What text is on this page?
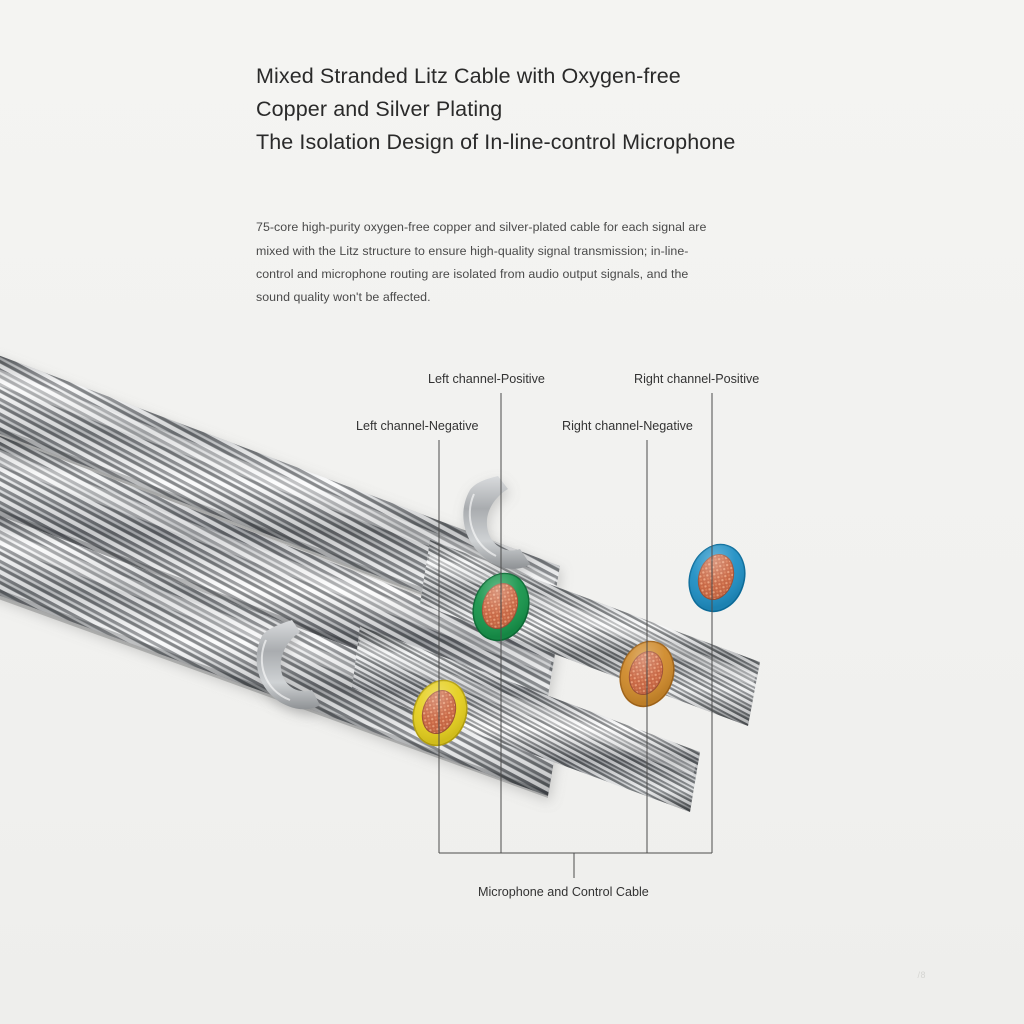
Mixed Stranded Litz Cable with Oxygen-free
Copper and Silver Plating
The Isolation Design of In-line-control Microphone

75-core high-purity oxygen-free copper and silver-plated cable for each signal are mixed with the Litz structure to ensure high-quality signal transmission; in-line-control and microphone routing are isolated from audio output signals, and the sound quality won't be affected.

Left channel-Positive	Right channel-Positive
Left channel-Negative	Right channel-Negative
Microphone and Control Cable
/8
